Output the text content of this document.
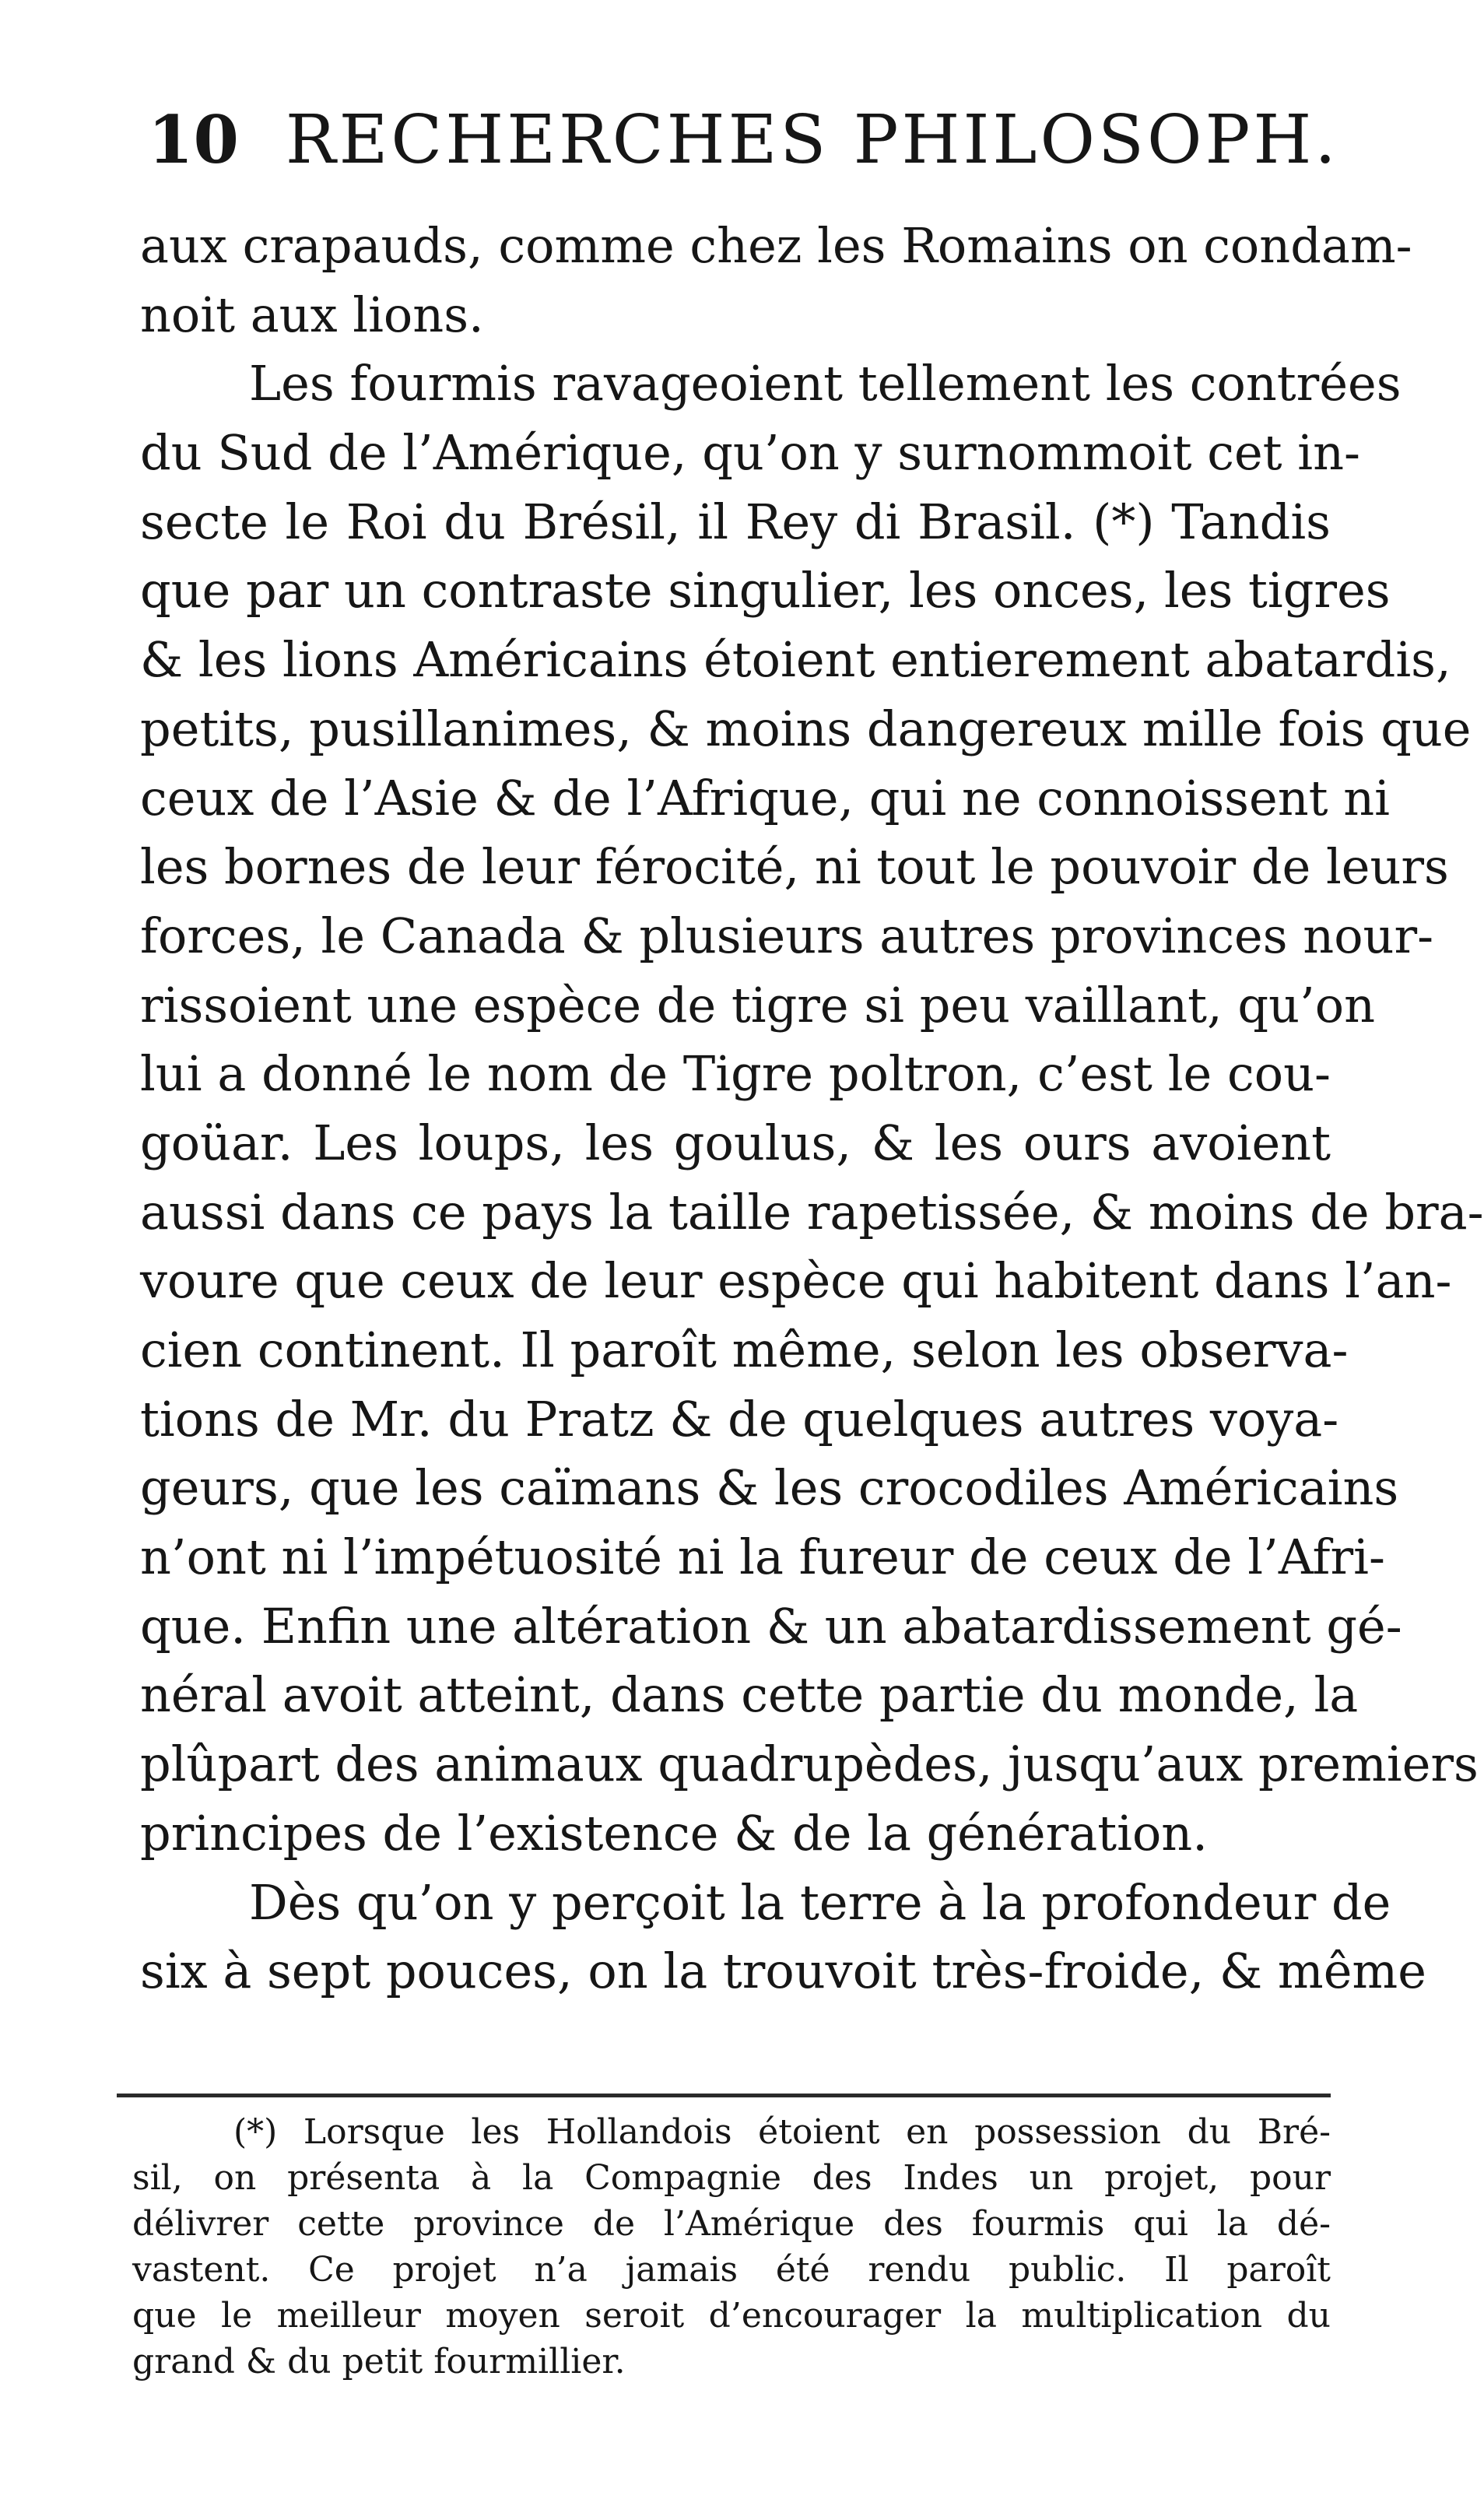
10 RECHERCHES PHILOSOPH.
aux crapauds, comme chez les Romains on condam-
noit aux lions.
Les fourmis ravageoient tellement les contrées
du Sud de l’Amérique, qu’on y surnommoit cet in-
secte le Roi du Brésil, il Rey di Brasil. (*) Tandis
que par un contraste singulier, les onces, les tigres
& les lions Américains étoient entierement abatardis,
petits, pusillanimes, & moins dangereux mille fois que
ceux de l’Asie & de l’Afrique, qui ne connoissent ni
les bornes de leur férocité, ni tout le pouvoir de leurs
forces, le Canada & plusieurs autres provinces nour-
rissoient une espèce de tigre si peu vaillant, qu’on
lui a donné le nom de Tigre poltron, c’est le cou-
goüar. Les loups, les goulus, & les ours avoient
aussi dans ce pays la taille rapetissée, & moins de bra-
voure que ceux de leur espèce qui habitent dans l’an-
cien continent. Il paroît même, selon les observa-
tions de Mr. du Pratz & de quelques autres voya-
geurs, que les caïmans & les crocodiles Américains
n’ont ni l’impétuosité ni la fureur de ceux de l’Afri-
que. Enfin une altération & un abatardissement gé-
néral avoit atteint, dans cette partie du monde, la
plûpart des animaux quadrupèdes, jusqu’aux premiers
principes de l’existence & de la génération.
Dès qu’on y perçoit la terre à la profondeur de
six à sept pouces, on la trouvoit très-froide, & même
(*) Lorsque les Hollandois étoient en possession du Bré-
sil, on présenta à la Compagnie des Indes un projet, pour
délivrer cette province de l’Amérique des fourmis qui la dé-
vastent. Ce projet n’a jamais été rendu public. Il paroît
que le meilleur moyen seroit d’encourager la multiplication du
grand & du petit fourmillier.
